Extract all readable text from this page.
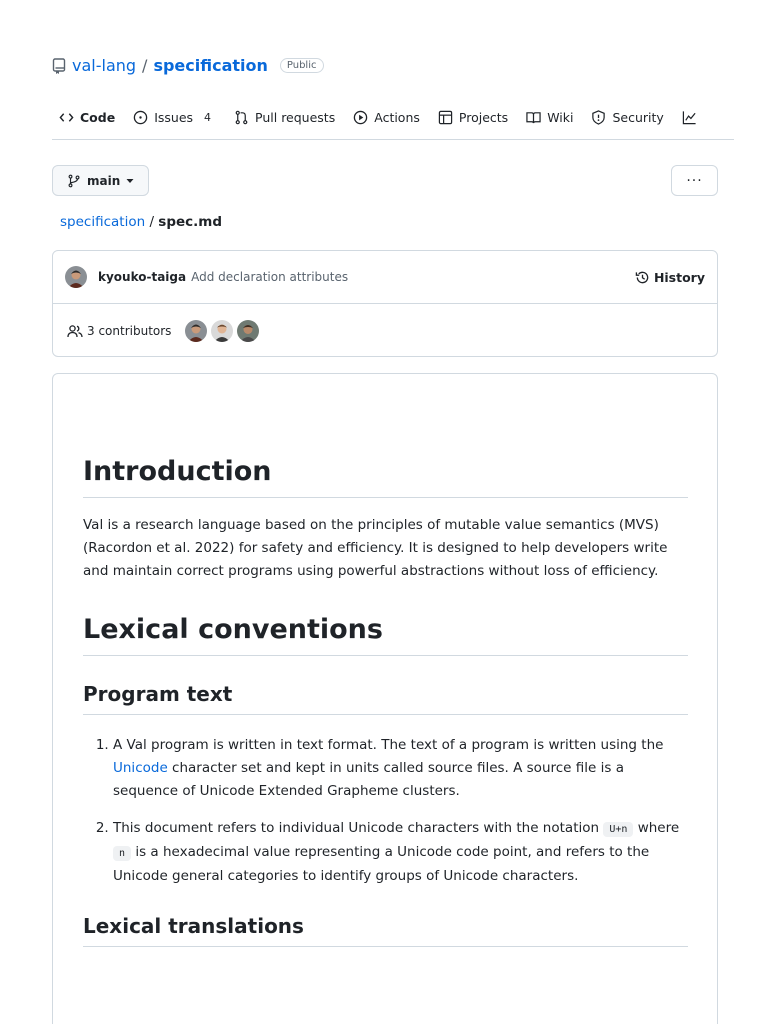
val-lang / specification	Public
Code	Issues	4	Pull requests	Actions	Projects	Wiki	Security
main	···
specification / spec.md
kyouko-taiga Add declaration attributes	History
3 contributors
Introduction

Val is a research language based on the principles of mutable value semantics (MVS) (Racordon et al. 2022) for safety and efficiency. It is designed to help developers write and maintain correct programs using powerful abstractions without loss of efficiency.

Lexical conventions
Program text
1. A Val program is written in text format. The text of a program is written using the Unicode character set and kept in units called source files. A source file is a sequence of Unicode Extended Grapheme clusters.
2. This document refers to individual Unicode characters with the notation U+n where n is a hexadecimal value representing a Unicode code point, and refers to the Unicode general categories to identify groups of Unicode characters.
Lexical translations
